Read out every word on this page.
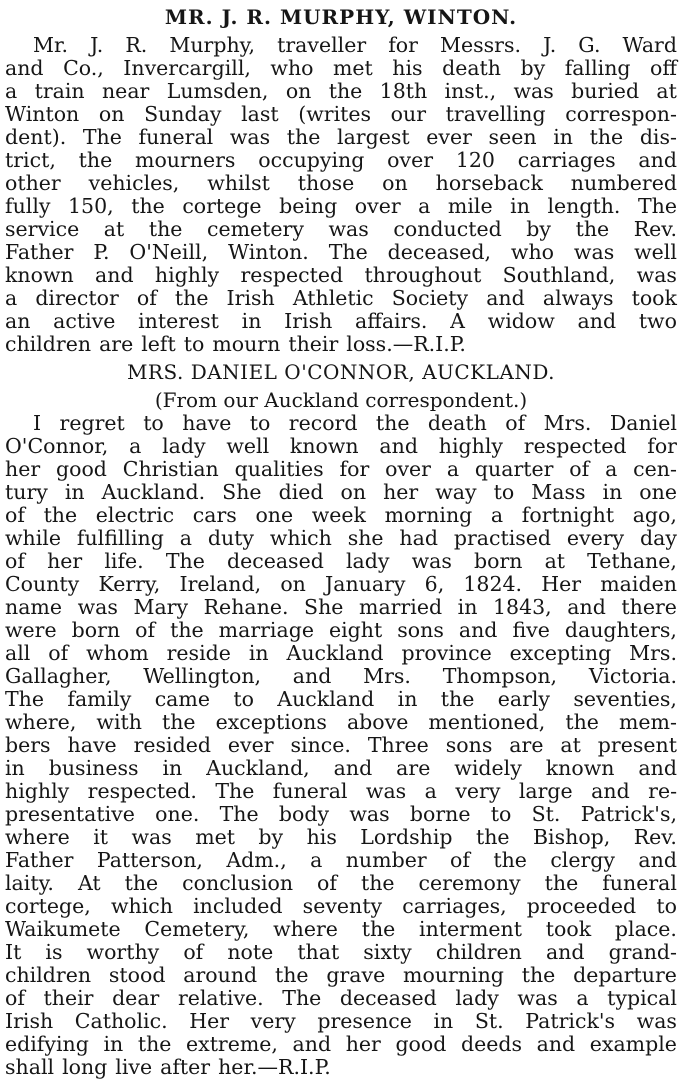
MR. J. R. MURPHY, WINTON.
Mr. J. R. Murphy, traveller for Messrs. J. G. Ward
and Co., Invercargill, who met his death by falling off
a train near Lumsden, on the 18th inst., was buried at
Winton on Sunday last (writes our travelling correspon-
dent). The funeral was the largest ever seen in the dis-
trict, the mourners occupying over 120 carriages and
other vehicles, whilst those on horseback numbered
fully 150, the cortege being over a mile in length. The
service at the cemetery was conducted by the Rev.
Father P. O'Neill, Winton. The deceased, who was well
known and highly respected throughout Southland, was
a director of the Irish Athletic Society and always took
an active interest in Irish affairs. A widow and two
children are left to mourn their loss.—R.I.P.
MRS. DANIEL O'CONNOR, AUCKLAND.
(From our Auckland correspondent.)
I regret to have to record the death of Mrs. Daniel
O'Connor, a lady well known and highly respected for
her good Christian qualities for over a quarter of a cen-
tury in Auckland. She died on her way to Mass in one
of the electric cars one week morning a fortnight ago,
while fulfilling a duty which she had practised every day
of her life. The deceased lady was born at Tethane,
County Kerry, Ireland, on January 6, 1824. Her maiden
name was Mary Rehane. She married in 1843, and there
were born of the marriage eight sons and five daughters,
all of whom reside in Auckland province excepting Mrs.
Gallagher, Wellington, and Mrs. Thompson, Victoria.
The family came to Auckland in the early seventies,
where, with the exceptions above mentioned, the mem-
bers have resided ever since. Three sons are at present
in business in Auckland, and are widely known and
highly respected. The funeral was a very large and re-
presentative one. The body was borne to St. Patrick's,
where it was met by his Lordship the Bishop, Rev.
Father Patterson, Adm., a number of the clergy and
laity. At the conclusion of the ceremony the funeral
cortege, which included seventy carriages, proceeded to
Waikumete Cemetery, where the interment took place.
It is worthy of note that sixty children and grand-
children stood around the grave mourning the departure
of their dear relative. The deceased lady was a typical
Irish Catholic. Her very presence in St. Patrick's was
edifying in the extreme, and her good deeds and example
shall long live after her.—R.I.P.
